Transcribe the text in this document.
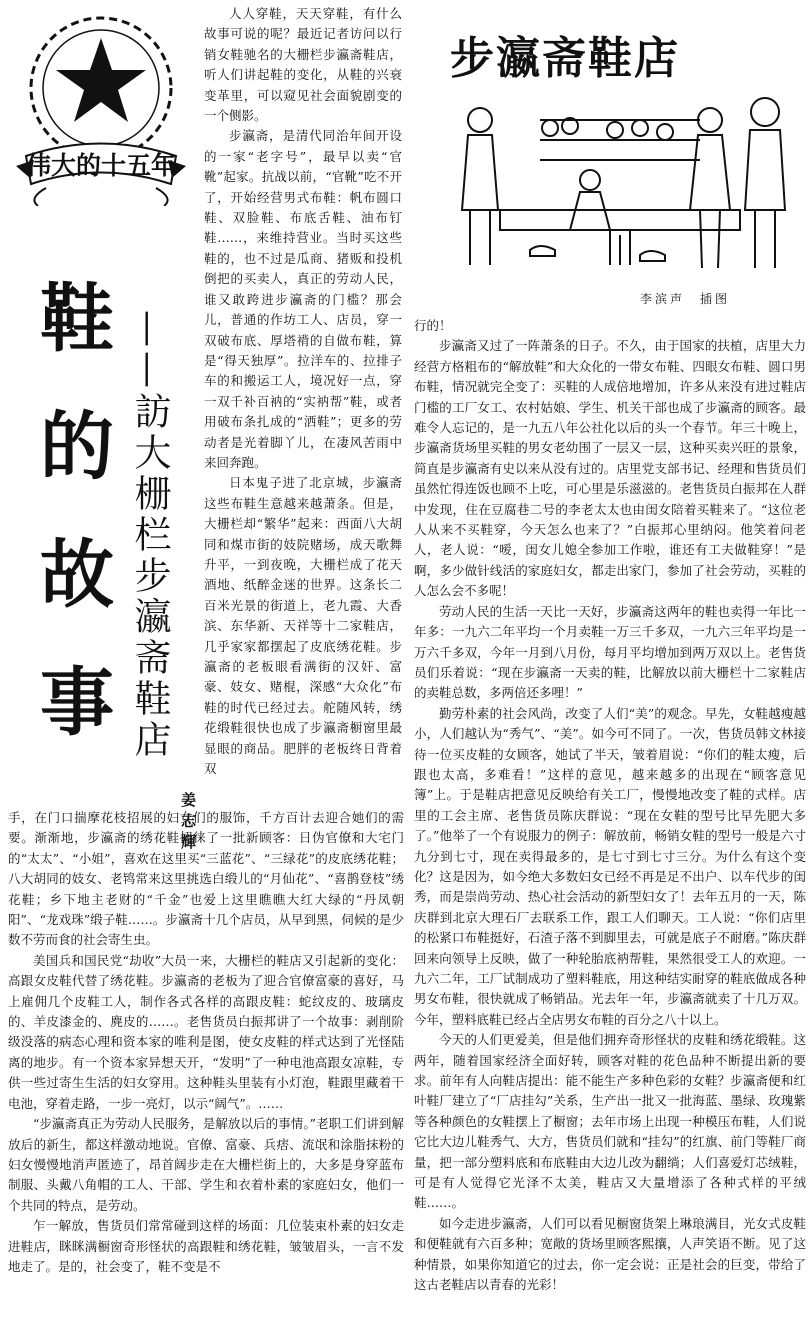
伟大的十五年
鞋
的
故
事 ——訪大栅栏步瀛斋鞋店
姜志輝

人人穿鞋，天天穿鞋，有什么故事可说的呢？最近记者访问以行销女鞋驰名的大栅栏步瀛斋鞋店，听人们讲起鞋的变化，从鞋的兴衰变革里，可以窥见社会面貌剧变的一个侧影。

步瀛斋，是清代同治年间开设的一家“老字号”，最早以卖“官靴”起家。抗战以前，“官靴”吃不开了，开始经营男式布鞋：帆布圆口鞋、双脸鞋、布底舌鞋、油布钉鞋……，来维持营业。当时买这些鞋的，也不过是瓜商、猪贩和投机倒把的买卖人，真正的劳动人民，谁又敢跨进步瀛斋的门槛？那会儿，普通的作坊工人、店员，穿一双破布底、厚塔褙的自做布鞋，算是“得天独厚”。拉洋车的、拉排子车的和搬运工人，境况好一点，穿一双千补百衲的“实衲帮”鞋，或者用破布条扎成的“洒鞋”；更多的劳动者是光着脚丫儿，在凄风苦雨中来回奔跑。

日本鬼子进了北京城，步瀛斋这些布鞋生意越来越萧条。但是，大栅栏却“繁华”起来：西面八大胡同和煤市街的妓院赌场，成天歌舞升平，一到夜晚，大栅栏成了花天酒地、纸醉金迷的世界。这条长二百米光景的街道上，老九霞、大香滨、东华新、天祥等十二家鞋店，几乎家家都摆起了皮底绣花鞋。步瀛斋的老板眼看满街的汉奸、富豪、妓女、赌棍，深感“大众化”布鞋的时代已经过去。舵随风转，绣花缎鞋很快也成了步瀛斋橱窗里最显眼的商品。肥胖的老板终日背着双

步瀛斋鞋店
李滨声　插图

手，在门口揣摩花枝招展的妇女们的服饰，千方百计去迎合她们的需要。渐渐地，步瀛斋的绣花鞋招徕了一批新顾客：日伪官僚和大宅门的“太太”、“小姐”，喜欢在这里买“三蓝花”、“三绿花”的皮底绣花鞋；八大胡同的妓女、老鸨常来这里挑选白缎儿的“月仙花”、“喜鹊登枝”绣花鞋；乡下地主老财的“千金”也爱上这里瞧瞧大红大绿的“丹凤朝阳”、“龙戏珠”缎子鞋……。步瀛斋十几个店员，从早到黑，伺候的是少数不劳而食的社会寄生虫。

美国兵和国民党“劫收”大员一来，大栅栏的鞋店又引起新的变化：高跟女皮鞋代替了绣花鞋。步瀛斋的老板为了迎合官僚富豪的喜好，马上雇佣几个皮鞋工人，制作各式各样的高跟皮鞋：蛇纹皮的、玻璃皮的、羊皮漆金的、麂皮的……。老售货员白振邦讲了一个故事：剥削阶级没落的病态心理和资本家的唯利是图，使女皮鞋的样式达到了光怪陆离的地步。有一个资本家异想天开，“发明”了一种电池高跟女凉鞋，专供一些过寄生生活的妇女穿用。这种鞋头里装有小灯泡，鞋跟里藏着干电池，穿着走路，一步一亮灯，以示“阔气”。……

“步瀛斋真正为劳动人民服务，是解放以后的事情。”老职工们讲到解放后的新生，都这样激动地说。官僚、富豪、兵痞、流氓和涂脂抹粉的妇女慢慢地消声匿迹了，昂首阔步走在大栅栏街上的，大多是身穿蓝布制服、头戴八角帽的工人、干部、学生和衣着朴素的家庭妇女，他们一个共同的特点，是劳动。

乍一解放，售货员们常常碰到这样的场面：几位装束朴素的妇女走进鞋店，眯眯满橱窗奇形怪状的高跟鞋和绣花鞋，皱皱眉头，一言不发地走了。是的，社会变了，鞋不变是不

行的！

步瀛斋又过了一阵萧条的日子。不久，由于国家的扶植，店里大力经营方格粗布的“解放鞋”和大众化的一带女布鞋、四眼女布鞋、圆口男布鞋，情况就完全变了：买鞋的人成倍地增加，许多从来没有进过鞋店门槛的工厂女工、农村姑娘、学生、机关干部也成了步瀛斋的顾客。最难令人忘记的，是一九五八年公社化以后的头一个春节。年三十晚上，步瀛斋货场里买鞋的男女老幼围了一层又一层，这种买卖兴旺的景象，简直是步瀛斋有史以来从没有过的。店里党支部书记、经理和售货员们虽然忙得连饭也顾不上吃，可心里是乐滋滋的。老售货员白振邦在人群中发现，住在豆腐巷二号的李老太太也由闺女陪着买鞋来了。“这位老人从来不买鞋穿，今天怎么也来了？”白振邦心里纳闷。他笑着问老人，老人说：“嗳，闺女儿媳全参加工作啦，谁还有工夫做鞋穿！”是啊，多少做针线活的家庭妇女，都走出家门，参加了社会劳动，买鞋的人怎么会不多呢！

劳动人民的生活一天比一天好，步瀛斋这两年的鞋也卖得一年比一年多：一九六二年平均一个月卖鞋一万三千多双，一九六三年平均是一万六千多双，今年一月到八月份，每月平均增加到两万双以上。老售货员们乐着说：“现在步瀛斋一天卖的鞋，比解放以前大栅栏十二家鞋店的卖鞋总数，多两倍还多哩！”

勤劳朴素的社会风尚，改变了人们“美”的观念。早先，女鞋越瘦越小，人们越认为“秀气”、“美”。如今可不同了。一次，售货员韩文林接待一位买皮鞋的女顾客，她试了半天，皱着眉说：“你们的鞋太瘦，后跟也太高，多难看！”这样的意见，越来越多的出现在“顾客意见簿”上。于是鞋店把意见反映给有关工厂，慢慢地改变了鞋的式样。店里的工会主席、老售货员陈庆群说：“现在女鞋的型号比早先肥大多了。”他举了一个有说服力的例子：解放前，畅销女鞋的型号一般是六寸九分到七寸，现在卖得最多的，是七寸到七寸三分。为什么有这个变化？这是因为，如今绝大多数妇女已经不再是足不出户、以车代步的闺秀，而是崇尚劳动、热心社会活动的新型妇女了！去年五月的一天，陈庆群到北京大理石厂去联系工作，跟工人们聊天。工人说：“你们店里的松紧口布鞋挺好，石渣子落不到脚里去，可就是底子不耐磨。”陈庆群回来向领导上反映，做了一种轮胎底衲帮鞋，果然很受工人的欢迎。一九六二年，工厂试制成功了塑料鞋底，用这种结实耐穿的鞋底做成各种男女布鞋，很快就成了畅销品。光去年一年，步瀛斋就卖了十几万双。今年，塑料底鞋已经占全店男女布鞋的百分之八十以上。

今天的人们更爱美，但是他们拥弃奇形怪状的皮鞋和绣花缎鞋。这两年，随着国家经济全面好转，顾客对鞋的花色品种不断提出新的要求。前年有人向鞋店提出：能不能生产多种色彩的女鞋？步瀛斋便和红叶鞋厂建立了“厂店挂勾”关系，生产出一批又一批海蓝、墨绿、玫瑰紫等各种颜色的女鞋摆上了橱窗；去年市场上出现一种模压布鞋，人们说它比大边儿鞋秀气、大方，售货员们就和“挂勾”的红旗、前门等鞋厂商量，把一部分塑料底和布底鞋由大边儿改为翻绱；人们喜爱灯芯绒鞋，可是有人觉得它光泽不太美，鞋店又大量增添了各种式样的平绒鞋……。

如今走进步瀛斋，人们可以看见橱窗货架上琳琅满目，光女式皮鞋和便鞋就有六百多种；宽敞的货场里顾客熙攘，人声笑语不断。见了这种情景，如果你知道它的过去，你一定会说：正是社会的巨变，带给了这古老鞋店以青春的光彩！
